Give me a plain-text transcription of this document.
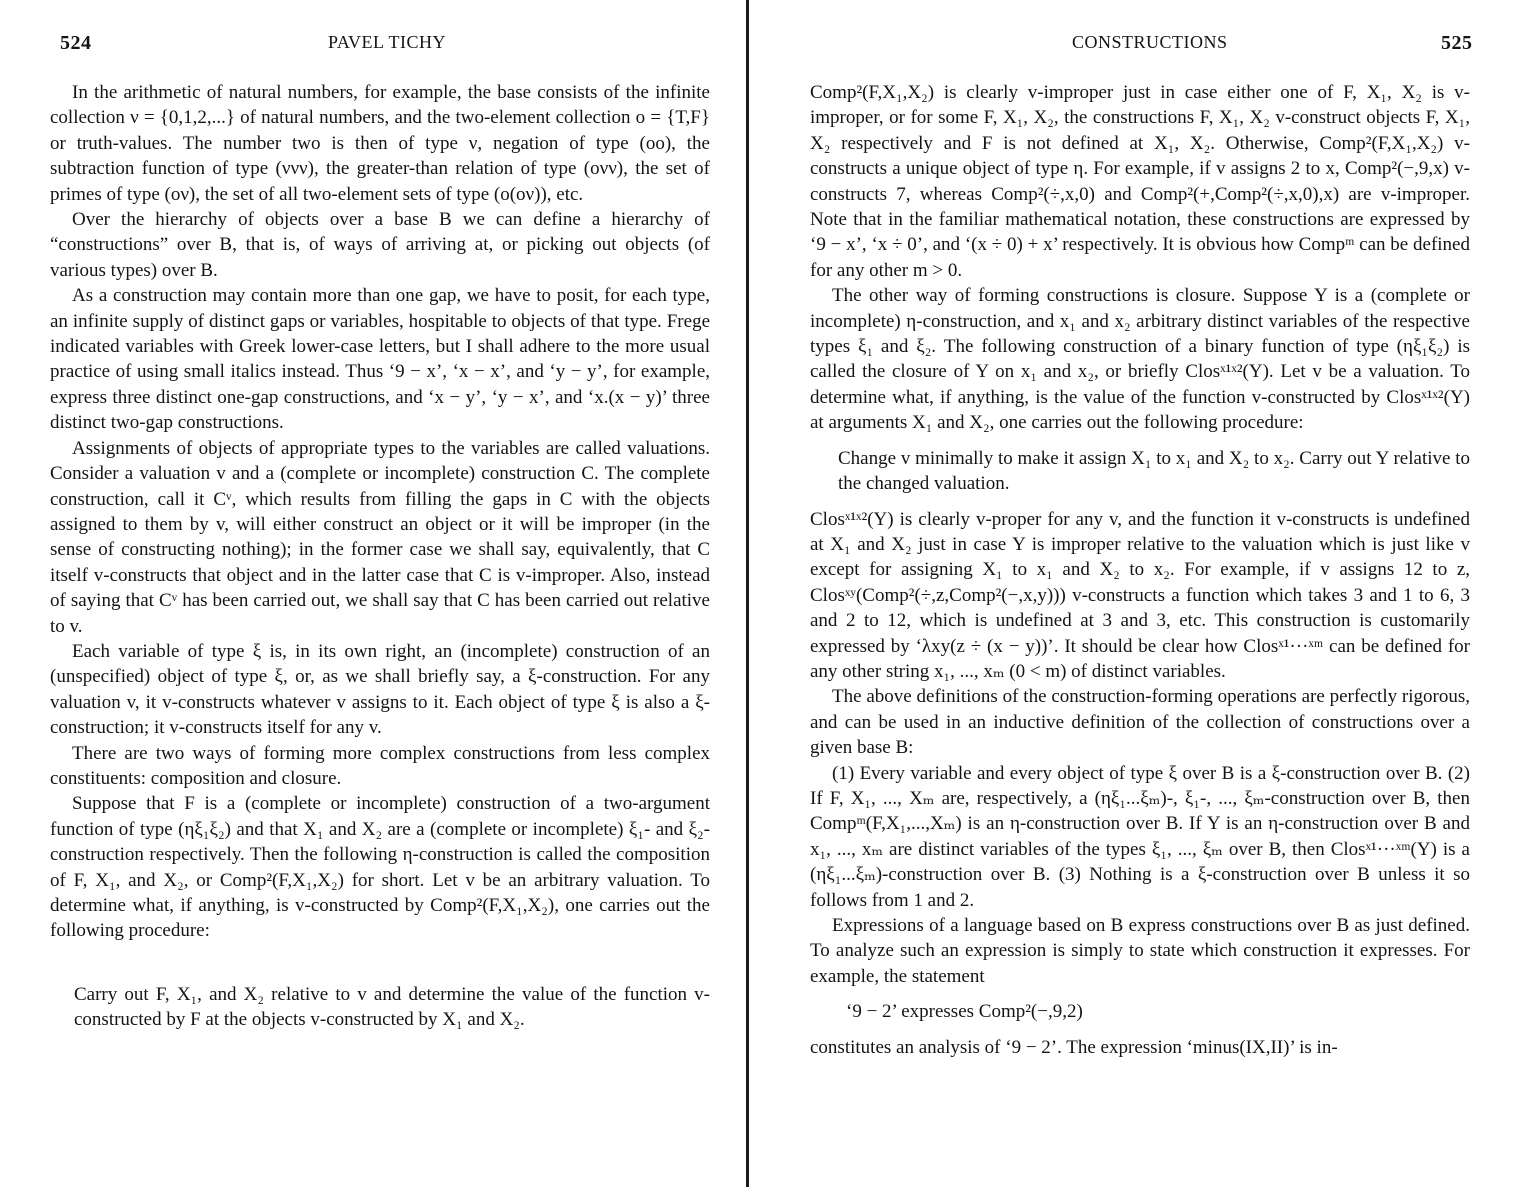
524	PAVEL TICHY

In the arithmetic of natural numbers, for example, the base consists of the infinite collection ν = {0,1,2,...} of natural numbers, and the two-element collection ο = {T,F} or truth-values. The number two is then of type ν, negation of type (οο), the subtraction function of type (ννν), the greater-than relation of type (ονν), the set of primes of type (ον), the set of all two-element sets of type (ο(ον)), etc.

Over the hierarchy of objects over a base B we can define a hierarchy of “constructions” over B, that is, of ways of arriving at, or picking out objects (of various types) over B.

As a construction may contain more than one gap, we have to posit, for each type, an infinite supply of distinct gaps or variables, hospitable to objects of that type. Frege indicated variables with Greek lower-case letters, but I shall adhere to the more usual practice of using small italics instead. Thus ‘9 − x’, ‘x − x’, and ‘y − y’, for example, express three distinct one-gap constructions, and ‘x − y’, ‘y − x’, and ‘x.(x − y)’ three distinct two-gap constructions.

Assignments of objects of appropriate types to the variables are called valuations. Consider a valuation v and a (complete or incomplete) construction C. The complete construction, call it Cᵛ, which results from filling the gaps in C with the objects assigned to them by v, will either construct an object or it will be improper (in the sense of constructing nothing); in the former case we shall say, equivalently, that C itself v-constructs that object and in the latter case that C is v-improper. Also, instead of saying that Cᵛ has been carried out, we shall say that C has been carried out relative to v.

Each variable of type ξ is, in its own right, an (incomplete) construction of an (unspecified) object of type ξ, or, as we shall briefly say, a ξ-construction. For any valuation v, it v-constructs whatever v assigns to it. Each object of type ξ is also a ξ-construction; it v-constructs itself for any v.

There are two ways of forming more complex constructions from less complex constituents: composition and closure.

Suppose that F is a (complete or incomplete) construction of a two-argument function of type (ηξ₁ξ₂) and that X₁ and X₂ are a (complete or incomplete) ξ₁- and ξ₂-construction respectively. Then the following η-construction is called the composition of F, X₁, and X₂, or Comp²(F,X₁,X₂) for short. Let v be an arbitrary valuation. To determine what, if anything, is v-constructed by Comp²(F,X₁,X₂), one carries out the following procedure:

Carry out F, X₁, and X₂ relative to v and determine the value of the function v-constructed by F at the objects v-constructed by X₁ and X₂.

CONSTRUCTIONS	525

Comp²(F,X₁,X₂) is clearly v-improper just in case either one of F, X₁, X₂ is v-improper, or for some F, X₁, X₂, the constructions F, X₁, X₂ v-construct objects F, X₁, X₂ respectively and F is not defined at X₁, X₂. Otherwise, Comp²(F,X₁,X₂) v-constructs a unique object of type η. For example, if v assigns 2 to x, Comp²(−,9,x) v-constructs 7, whereas Comp²(÷,x,0) and Comp²(+,Comp²(÷,x,0),x) are v-improper. Note that in the familiar mathematical notation, these constructions are expressed by ‘9 − x’, ‘x ÷ 0’, and ‘(x ÷ 0) + x’ respectively. It is obvious how Compᵐ can be defined for any other m > 0.

The other way of forming constructions is closure. Suppose Y is a (complete or incomplete) η-construction, and x₁ and x₂ arbitrary distinct variables of the respective types ξ₁ and ξ₂. The following construction of a binary function of type (ηξ₁ξ₂) is called the closure of Y on x₁ and x₂, or briefly Closˣ¹ˣ²(Y). Let v be a valuation. To determine what, if anything, is the value of the function v-constructed by Closˣ¹ˣ²(Y) at arguments X₁ and X₂, one carries out the following procedure:

Change v minimally to make it assign X₁ to x₁ and X₂ to x₂. Carry out Y relative to the changed valuation.

Closˣ¹ˣ²(Y) is clearly v-proper for any v, and the function it v-constructs is undefined at X₁ and X₂ just in case Y is improper relative to the valuation which is just like v except for assigning X₁ to x₁ and X₂ to x₂. For example, if v assigns 12 to z, Closˣʸ(Comp²(÷,z,Comp²(−,x,y))) v-constructs a function which takes 3 and 1 to 6, 3 and 2 to 12, which is undefined at 3 and 3, etc. This construction is customarily expressed by ‘λxy(z ÷ (x − y))’. It should be clear how Closˣ¹···ˣᵐ can be defined for any other string x₁, ..., xₘ (0 < m) of distinct variables.

The above definitions of the construction-forming operations are perfectly rigorous, and can be used in an inductive definition of the collection of constructions over a given base B:

(1) Every variable and every object of type ξ over B is a ξ-construction over B. (2) If F, X₁, ..., Xₘ are, respectively, a (ηξ₁...ξₘ)-, ξ₁-, ..., ξₘ-construction over B, then Compᵐ(F,X₁,...,Xₘ) is an η-construction over B. If Y is an η-construction over B and x₁, ..., xₘ are distinct variables of the types ξ₁, ..., ξₘ over B, then Closˣ¹···ˣᵐ(Y) is a (ηξ₁...ξₘ)-construction over B. (3) Nothing is a ξ-construction over B unless it so follows from 1 and 2.

Expressions of a language based on B express constructions over B as just defined. To analyze such an expression is simply to state which construction it expresses. For example, the statement

‘9 − 2’ expresses Comp²(−,9,2)

constitutes an analysis of ‘9 − 2’. The expression ‘minus(IX,II)’ is in-
